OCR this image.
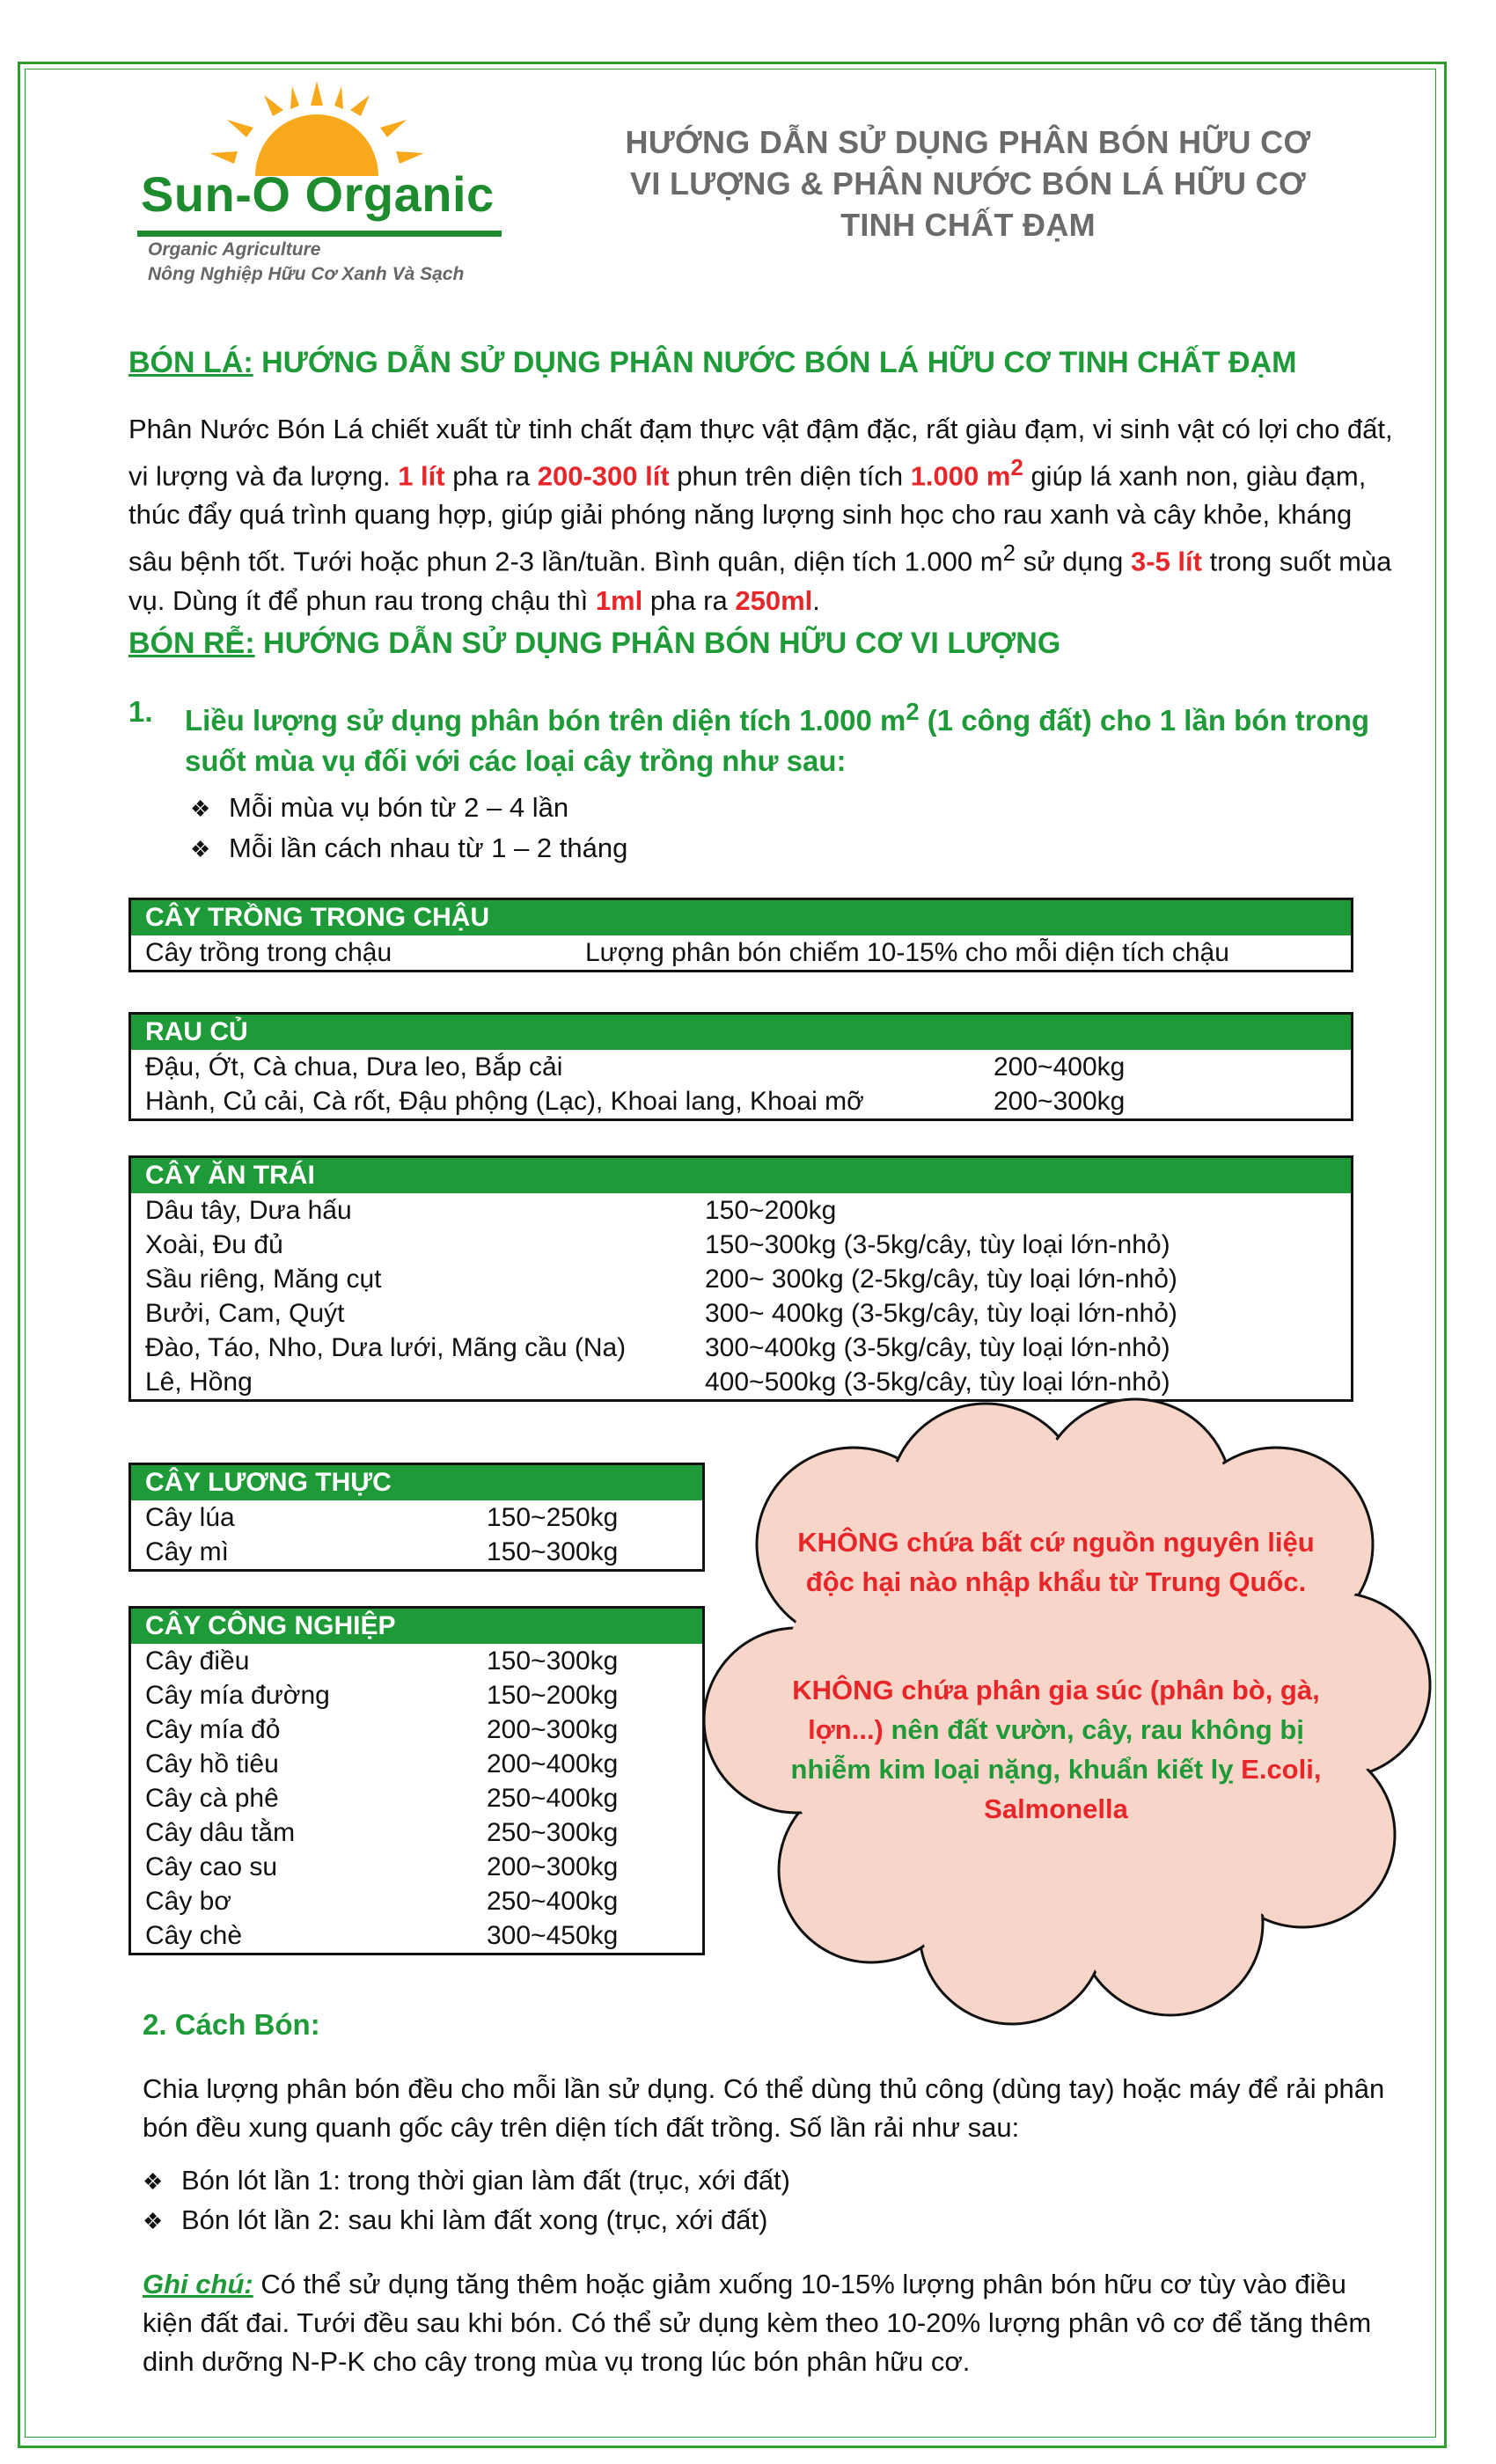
Sun-O Organic
Organic Agriculture
Nông Nghiệp Hữu Cơ Xanh Và Sạch
HƯỚNG DẪN SỬ DỤNG PHÂN BÓN HỮU CƠ
VI LƯỢNG & PHÂN NƯỚC BÓN LÁ HỮU CƠ
TINH CHẤT ĐẠM
BÓN LÁ: HƯỚNG DẪN SỬ DỤNG PHÂN NƯỚC BÓN LÁ HỮU CƠ TINH CHẤT ĐẠM
Phân Nước Bón Lá chiết xuất từ tinh chất đạm thực vật đậm đặc, rất giàu đạm, vi sinh vật có lợi cho đất, vi lượng và đa lượng. 1 lít pha ra 200-300 lít phun trên diện tích 1.000 $m^2$ giúp lá xanh non, giàu đạm, thúc đẩy quá trình quang hợp, giúp giải phóng năng lượng sinh học cho rau xanh và cây khỏe, kháng sâu bệnh tốt. Tưới hoặc phun 2-3 lần/tuần. Bình quân, diện tích 1.000 $m^2$ sử dụng 3-5 lít trong suốt mùa vụ. Dùng ít để phun rau trong chậu thì 1ml pha ra 250ml.
BÓN RỄ: HƯỚNG DẪN SỬ DỤNG PHÂN BÓN HỮU CƠ VI LƯỢNG
1. Liều lượng sử dụng phân bón trên diện tích 1.000 $m^2$ (1 công đất) cho 1 lần bón trong suốt mùa vụ đối với các loại cây trồng như sau:
❖ Mỗi mùa vụ bón từ 2 – 4 lần
❖ Mỗi lần cách nhau từ 1 – 2 tháng
CÂY TRỒNG TRONG CHẬU
Cây trồng trong chậu	Lượng phân bón chiếm 10-15% cho mỗi diện tích chậu
RAU CỦ
Đậu, Ớt, Cà chua, Dưa leo, Bắp cải	200~400kg
Hành, Củ cải, Cà rốt, Đậu phộng (Lạc), Khoai lang, Khoai mỡ	200~300kg
CÂY ĂN TRÁI
Dâu tây, Dưa hấu	150~200kg
Xoài, Đu đủ	150~300kg (3-5kg/cây, tùy loại lớn-nhỏ)
Sầu riêng, Măng cụt	200~ 300kg (2-5kg/cây, tùy loại lớn-nhỏ)
Bưởi, Cam, Quýt	300~ 400kg (3-5kg/cây, tùy loại lớn-nhỏ)
Đào, Táo, Nho, Dưa lưới, Mãng cầu (Na)	300~400kg (3-5kg/cây, tùy loại lớn-nhỏ)
Lê, Hồng	400~500kg (3-5kg/cây, tùy loại lớn-nhỏ)
CÂY LƯƠNG THỰC
Cây lúa	150~250kg
Cây mì	150~300kg
CÂY CÔNG NGHIỆP
Cây điều	150~300kg
Cây mía đường	150~200kg
Cây mía đỏ	200~300kg
Cây hồ tiêu	200~400kg
Cây cà phê	250~400kg
Cây dâu tằm	250~300kg
Cây cao su	200~300kg
Cây bơ	250~400kg
Cây chè	300~450kg
KHÔNG chứa bất cứ nguồn nguyên liệu độc hại nào nhập khẩu từ Trung Quốc.
KHÔNG chứa phân gia súc (phân bò, gà, lợn...) nên đất vườn, cây, rau không bị nhiễm kim loại nặng, khuẩn kiết lỵ E.coli, Salmonella
2. Cách Bón:
Chia lượng phân bón đều cho mỗi lần sử dụng. Có thể dùng thủ công (dùng tay) hoặc máy để rải phân bón đều xung quanh gốc cây trên diện tích đất trồng. Số lần rải như sau:
❖ Bón lót lần 1: trong thời gian làm đất (trục, xới đất)
❖ Bón lót lần 2: sau khi làm đất xong (trục, xới đất)
Ghi chú: Có thể sử dụng tăng thêm hoặc giảm xuống 10-15% lượng phân bón hữu cơ tùy vào điều kiện đất đai. Tưới đều sau khi bón. Có thể sử dụng kèm theo 10-20% lượng phân vô cơ để tăng thêm dinh dưỡng N-P-K cho cây trong mùa vụ trong lúc bón phân hữu cơ.
